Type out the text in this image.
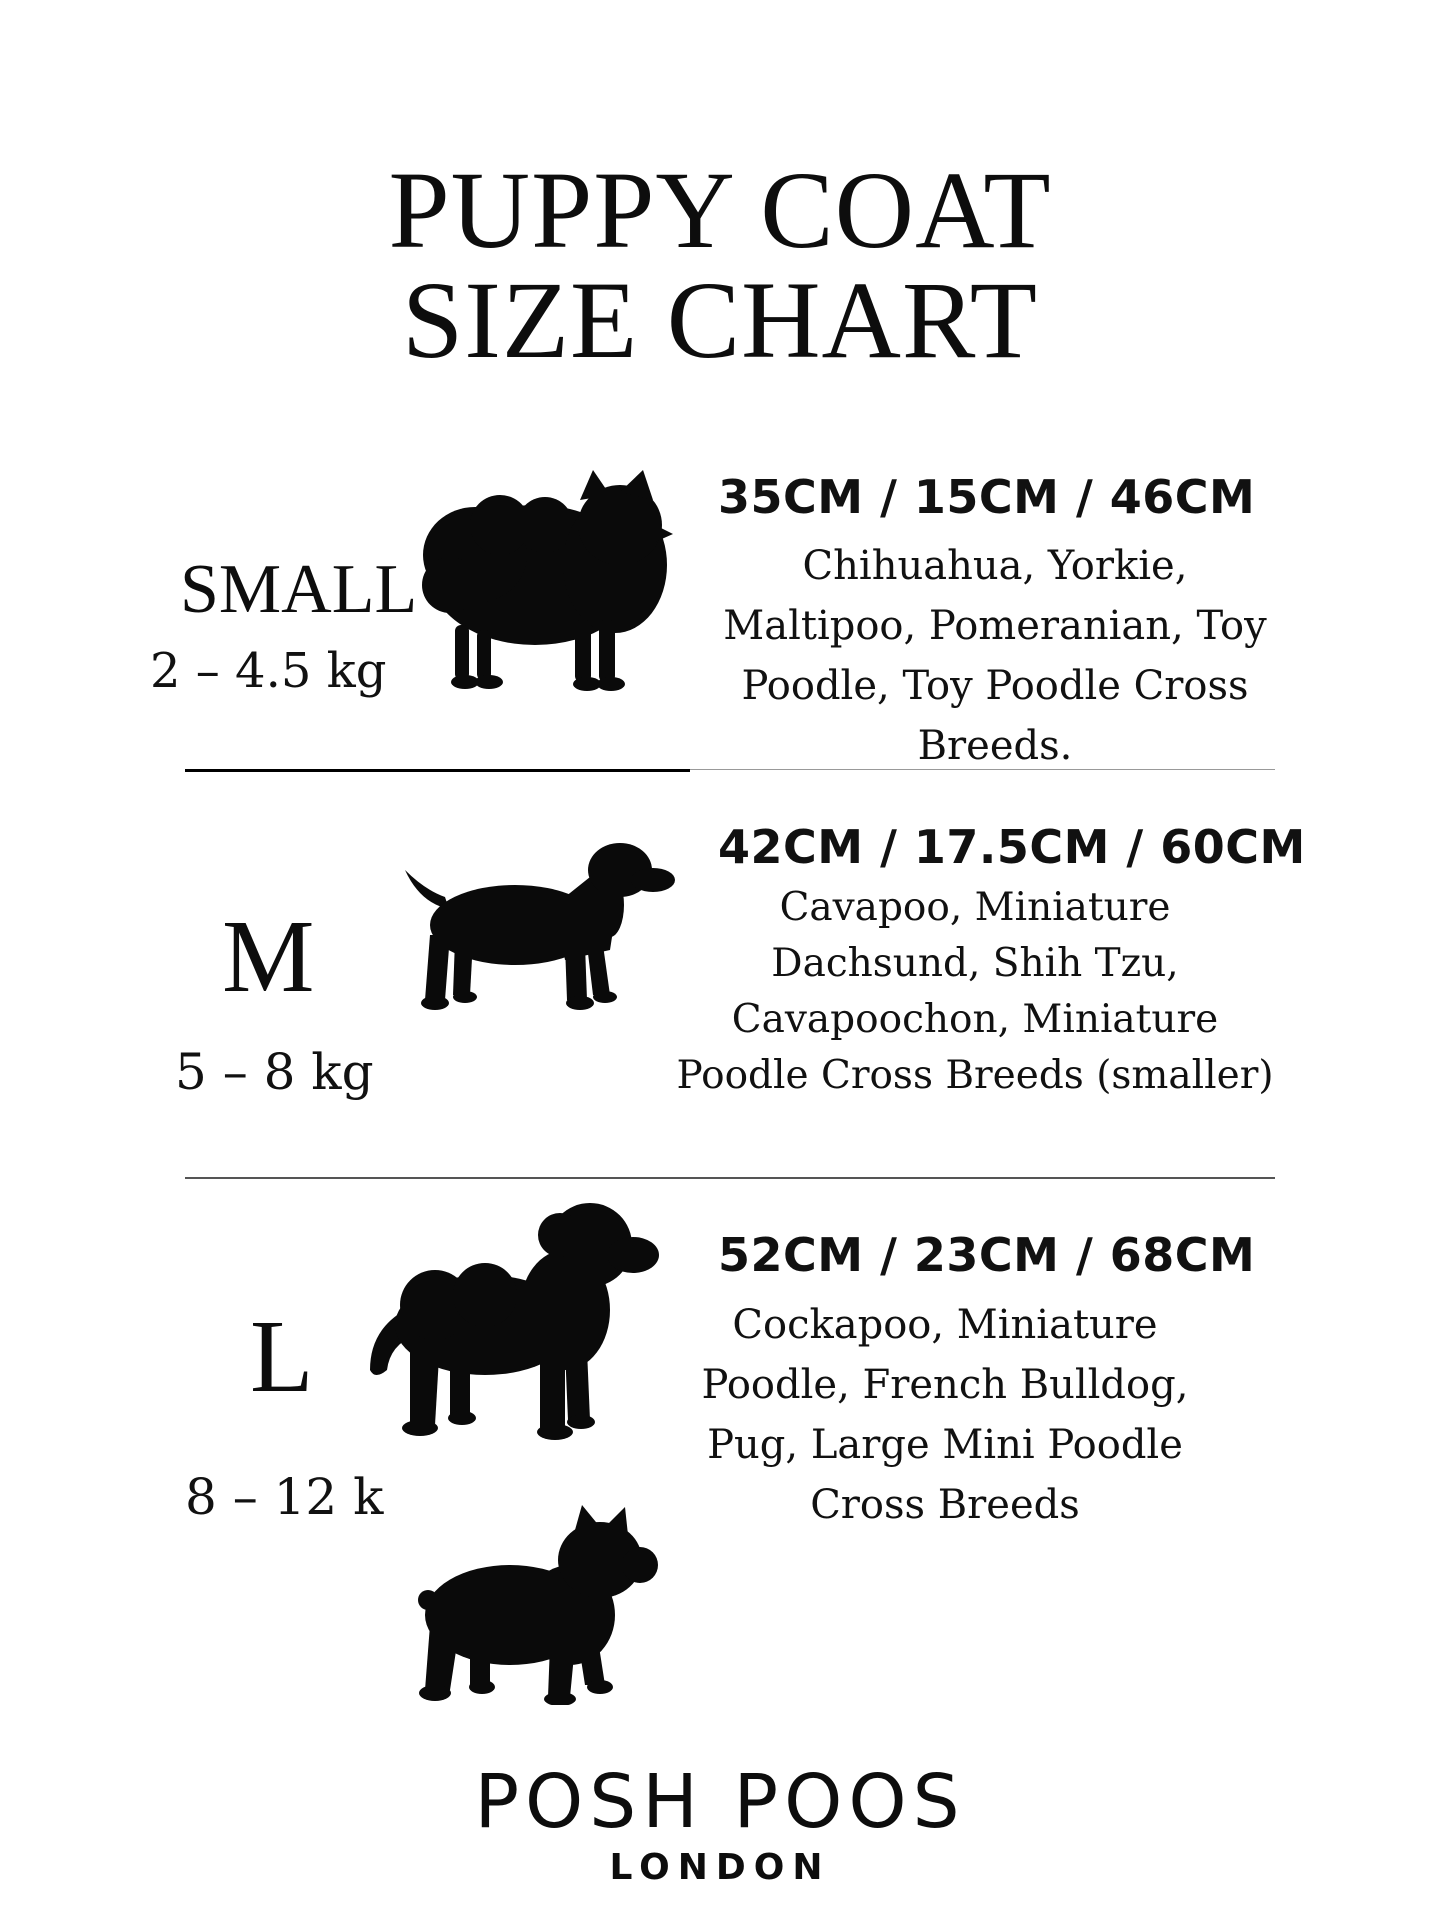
PUPPY COAT
SIZE CHART
SMALL
2 – 4.5 kg
35CM / 15CM / 46CM
Chihuahua, Yorkie,
Maltipoo, Pomeranian, Toy
Poodle, Toy Poodle Cross
Breeds.
M
5 – 8 kg
42CM / 17.5CM / 60CM
Cavapoo, Miniature
Dachsund, Shih Tzu,
Cavapoochon, Miniature
Poodle Cross Breeds (smaller)
L
8 – 12 k
52CM / 23CM / 68CM
Cockapoo, Miniature
Poodle, French Bulldog,
Pug, Large Mini Poodle
Cross Breeds
POSH POOS
LONDON
